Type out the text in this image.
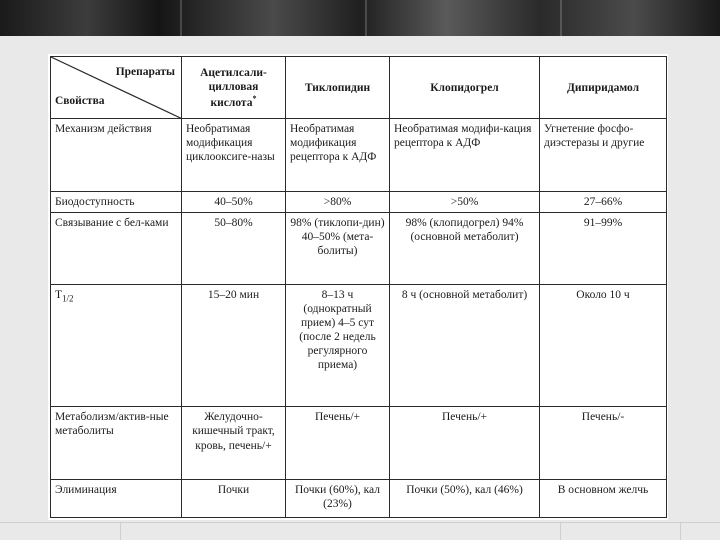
Препараты
Свойства	Ацетилсали-цилловая кислота*	Тиклопидин	Клопидогрел	Дипиридамол
Механизм действия	Необратимая модификация циклооксиге-назы	Необратимая модификация рецептора к АДФ	Необратимая модифи-кация рецептора к АДФ	Угнетение фосфо-диэстеразы и другие
Биодоступность	40–50%	>80%	>50%	27–66%
Связывание с бел-ками	50–80%	98% (тиклопи-дин) 40–50% (мета-болиты)	98% (клопидогрел) 94% (основной метаболит)	91–99%
$T_{1/2}$	15–20 мин	8–13 ч (однократный прием) 4–5 сут (после 2 недель регулярного приема)	8 ч (основной метаболит)	Около 10 ч
Метаболизм/актив-ные метаболиты	Желудочно-кишечный тракт, кровь, печень/+	Печень/+	Печень/+	Печень/-
Элиминация	Почки	Почки (60%), кал (23%)	Почки (50%), кал (46%)	В основном желчь
